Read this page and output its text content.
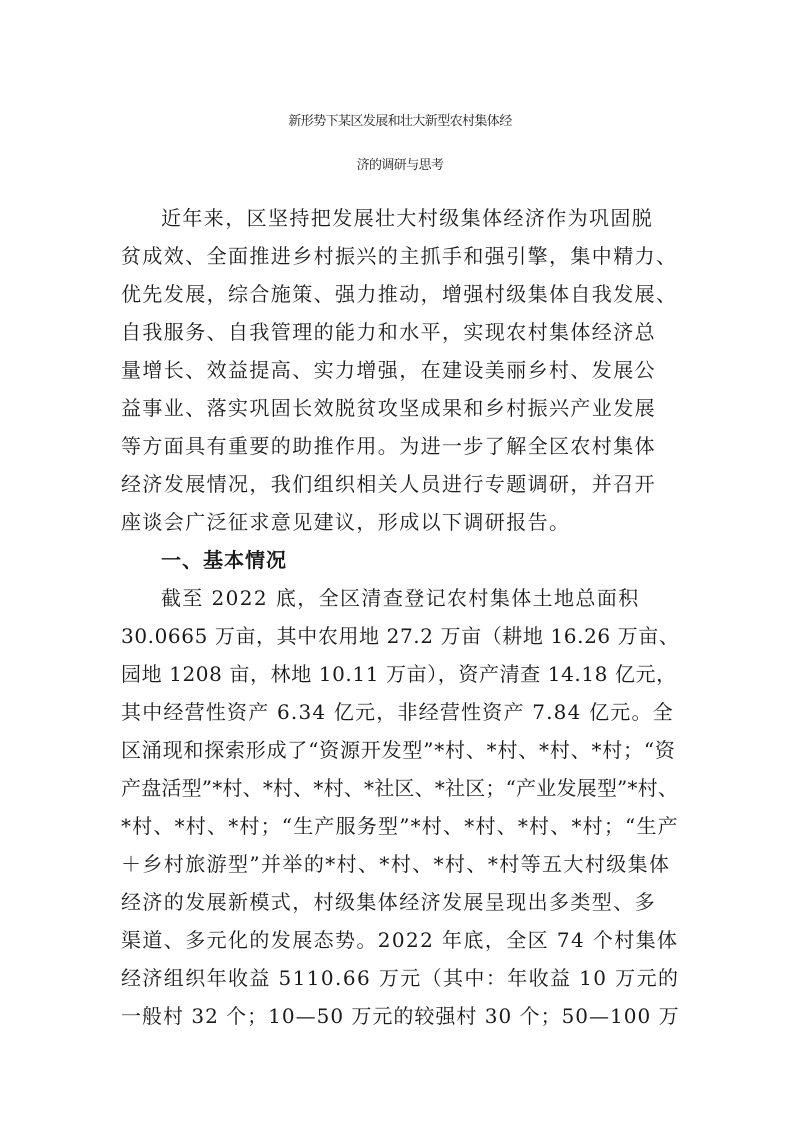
新形势下某区发展和壮大新型农村集体经
济的调研与思考
近年来，区坚持把发展壮大村级集体经济作为巩固脱
贫成效、全面推进乡村振兴的主抓手和强引擎，集中精力、
优先发展，综合施策、强力推动，增强村级集体自我发展、
自我服务、自我管理的能力和水平，实现农村集体经济总
量增长、效益提高、实力增强，在建设美丽乡村、发展公
益事业、落实巩固长效脱贫攻坚成果和乡村振兴产业发展
等方面具有重要的助推作用。为进一步了解全区农村集体
经济发展情况，我们组织相关人员进行专题调研，并召开
座谈会广泛征求意见建议，形成以下调研报告。
一、基本情况
截至 2022 底，全区清查登记农村集体土地总面积
30.0665 万亩，其中农用地 27.2 万亩（耕地 16.26 万亩、
园地 1208 亩，林地 10.11 万亩），资产清查 14.18 亿元，
其中经营性资产 6.34 亿元，非经营性资产 7.84 亿元。全
区涌现和探索形成了“资源开发型”*村、*村、*村、*村；“资
产盘活型”*村、*村、*村、*社区、*社区；“产业发展型”*村、
*村、*村、*村；“生产服务型”*村、*村、*村、*村；“生产
＋乡村旅游型”并举的*村、*村、*村、*村等五大村级集体
经济的发展新模式，村级集体经济发展呈现出多类型、多
渠道、多元化的发展态势。2022 年底，全区 74 个村集体
经济组织年收益 5110.66 万元（其中：年收益 10 万元的
一般村 32 个；10—50 万元的较强村 30 个；50—100 万
